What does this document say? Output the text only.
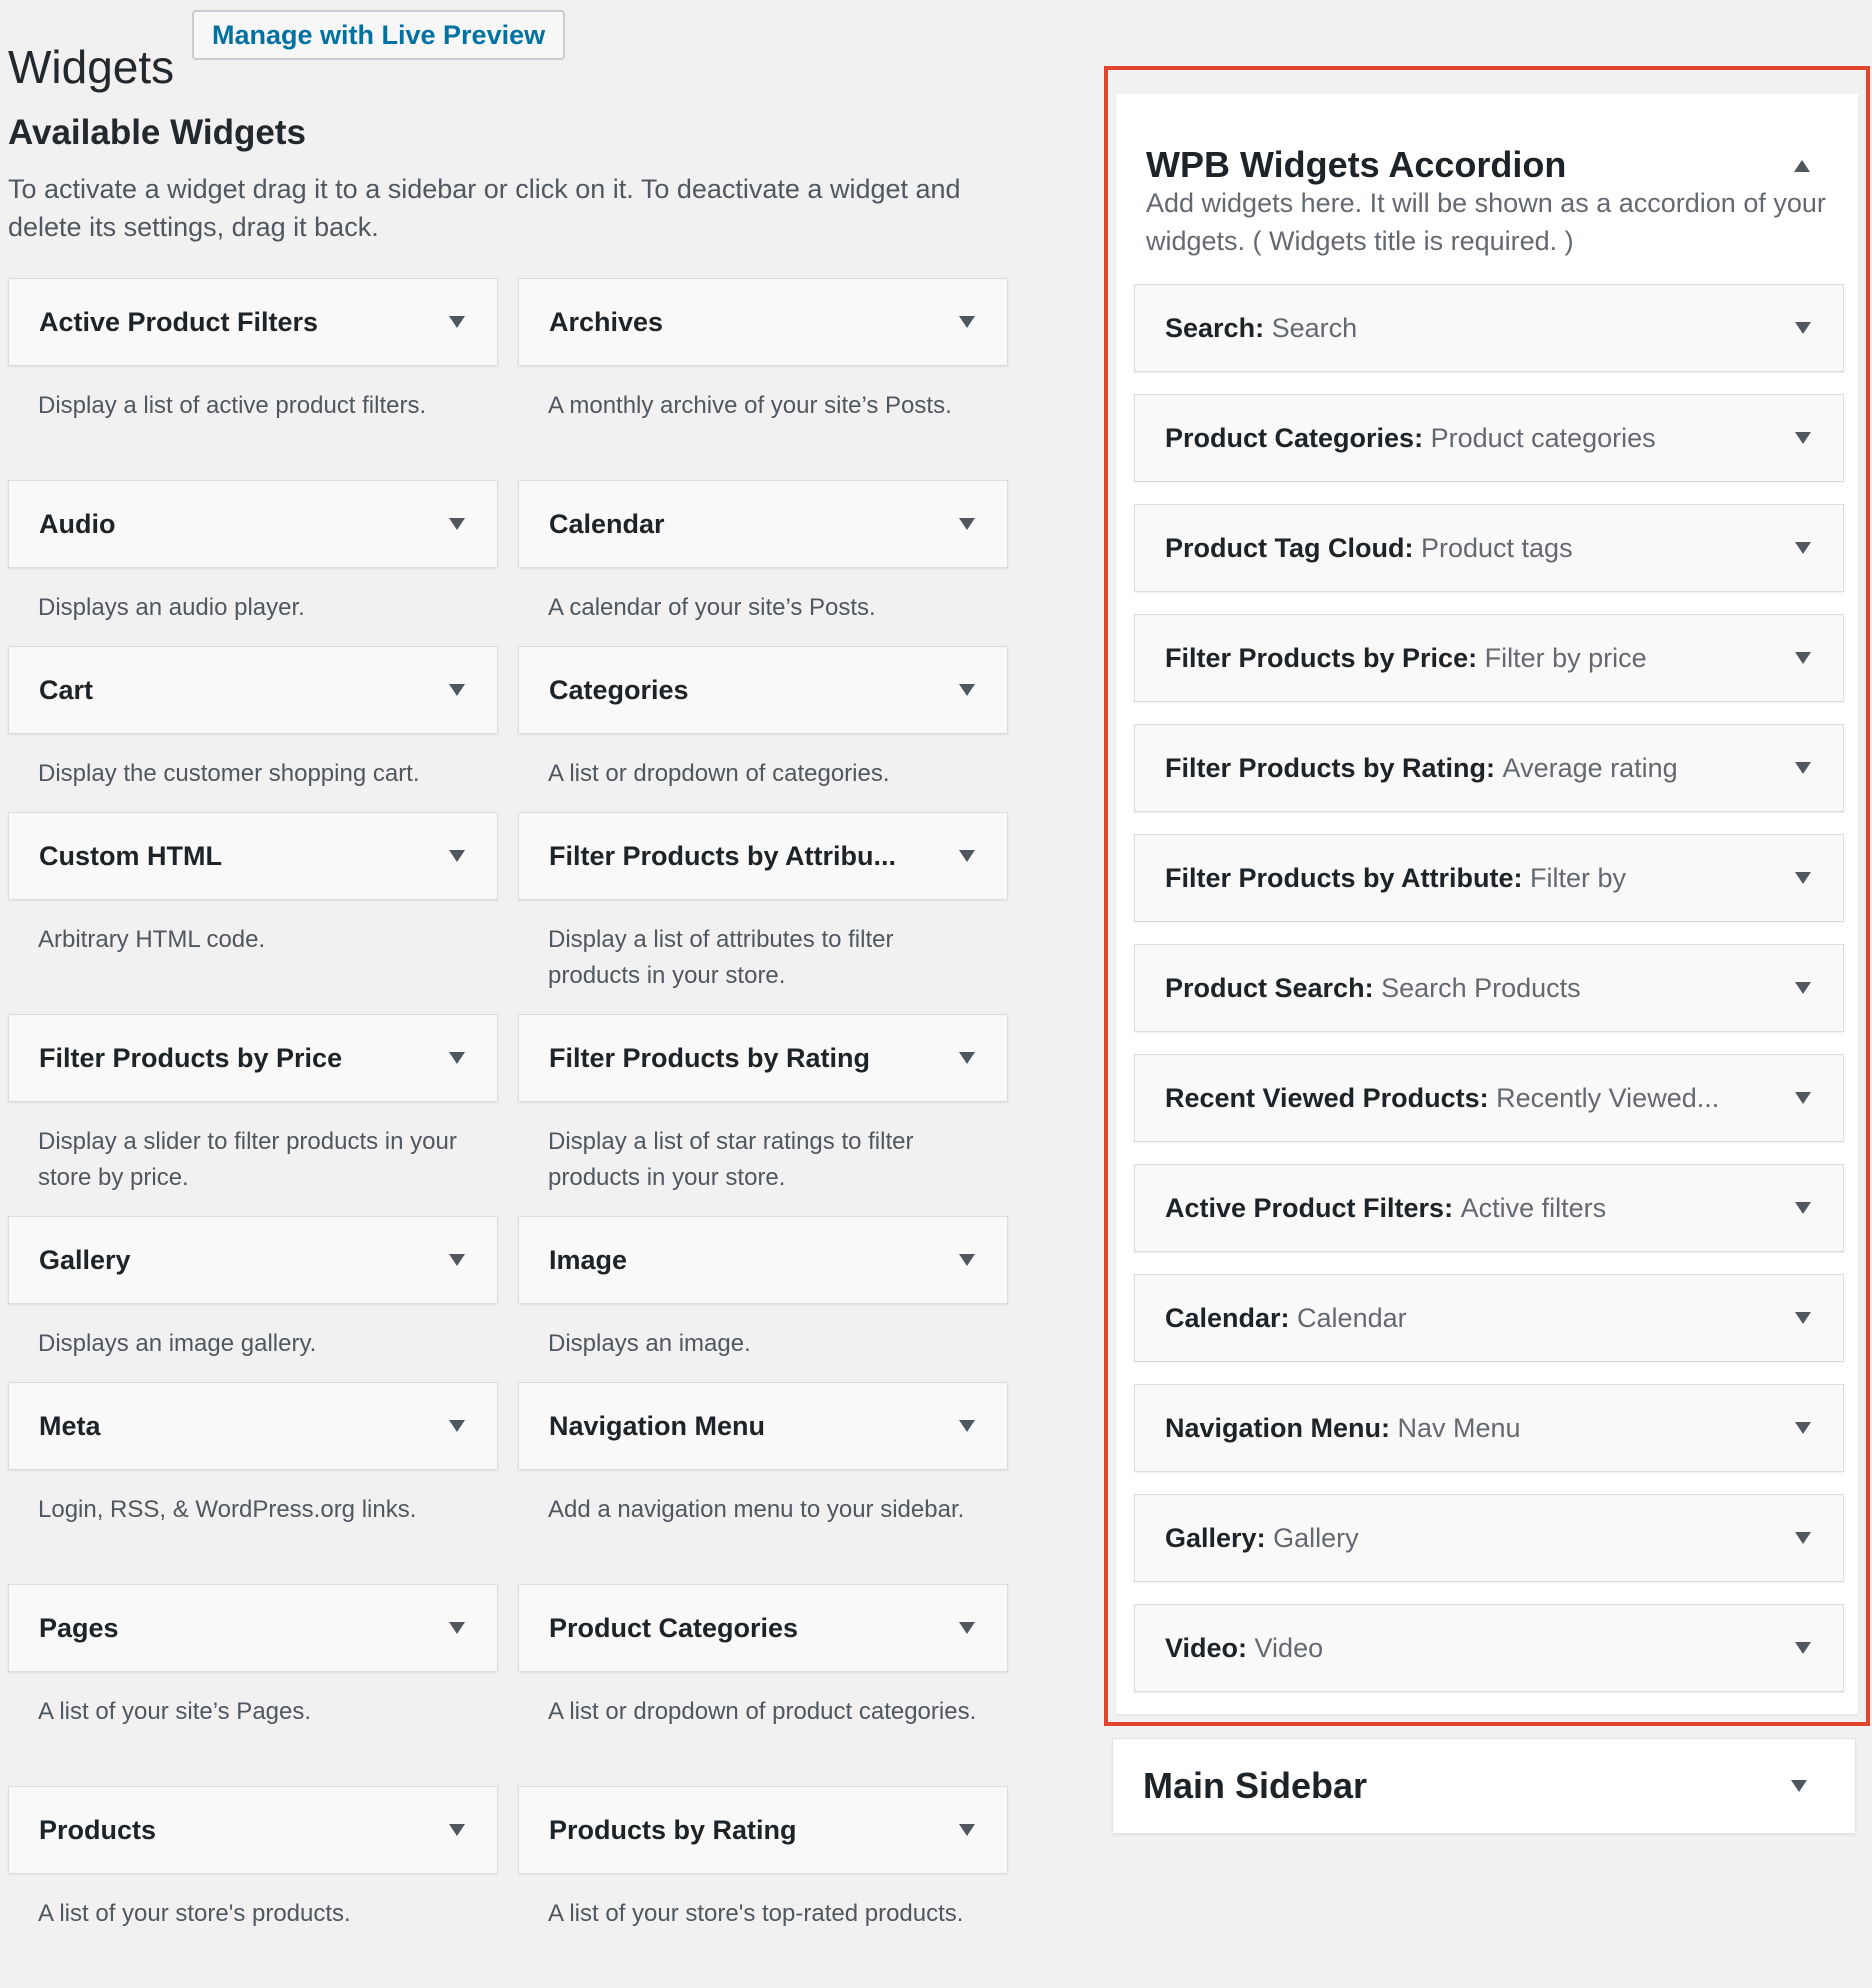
Widgets
Manage with Live Preview
Available Widgets

To activate a widget drag it to a sidebar or click on it. To deactivate a widget and delete its settings, drag it back.

Active Product Filters
Display a list of active product filters.
Archives
A monthly archive of your site’s Posts.
Audio
Displays an audio player.
Calendar
A calendar of your site’s Posts.
Cart
Display the customer shopping cart.
Categories
A list or dropdown of categories.
Custom HTML
Arbitrary HTML code.
Filter Products by Attribu...
Display a list of attributes to filter products in your store.
Filter Products by Price
Display a slider to filter products in your store by price.
Filter Products by Rating
Display a list of star ratings to filter products in your store.
Gallery
Displays an image gallery.
Image
Displays an image.
Meta
Login, RSS, & WordPress.org links.
Navigation Menu
Add a navigation menu to your sidebar.
Pages
A list of your site’s Pages.
Product Categories
A list or dropdown of product categories.
Products
A list of your store's products.
Products by Rating
A list of your store's top-rated products.
WPB Widgets Accordion
Add widgets here. It will be shown as a accordion of your widgets. ( Widgets title is required. )
Search: Search
Product Categories: Product categories
Product Tag Cloud: Product tags
Filter Products by Price: Filter by price
Filter Products by Rating: Average rating
Filter Products by Attribute: Filter by
Product Search: Search Products
Recent Viewed Products: Recently Viewed...
Active Product Filters: Active filters
Calendar: Calendar
Navigation Menu: Nav Menu
Gallery: Gallery
Video: Video
Main Sidebar
